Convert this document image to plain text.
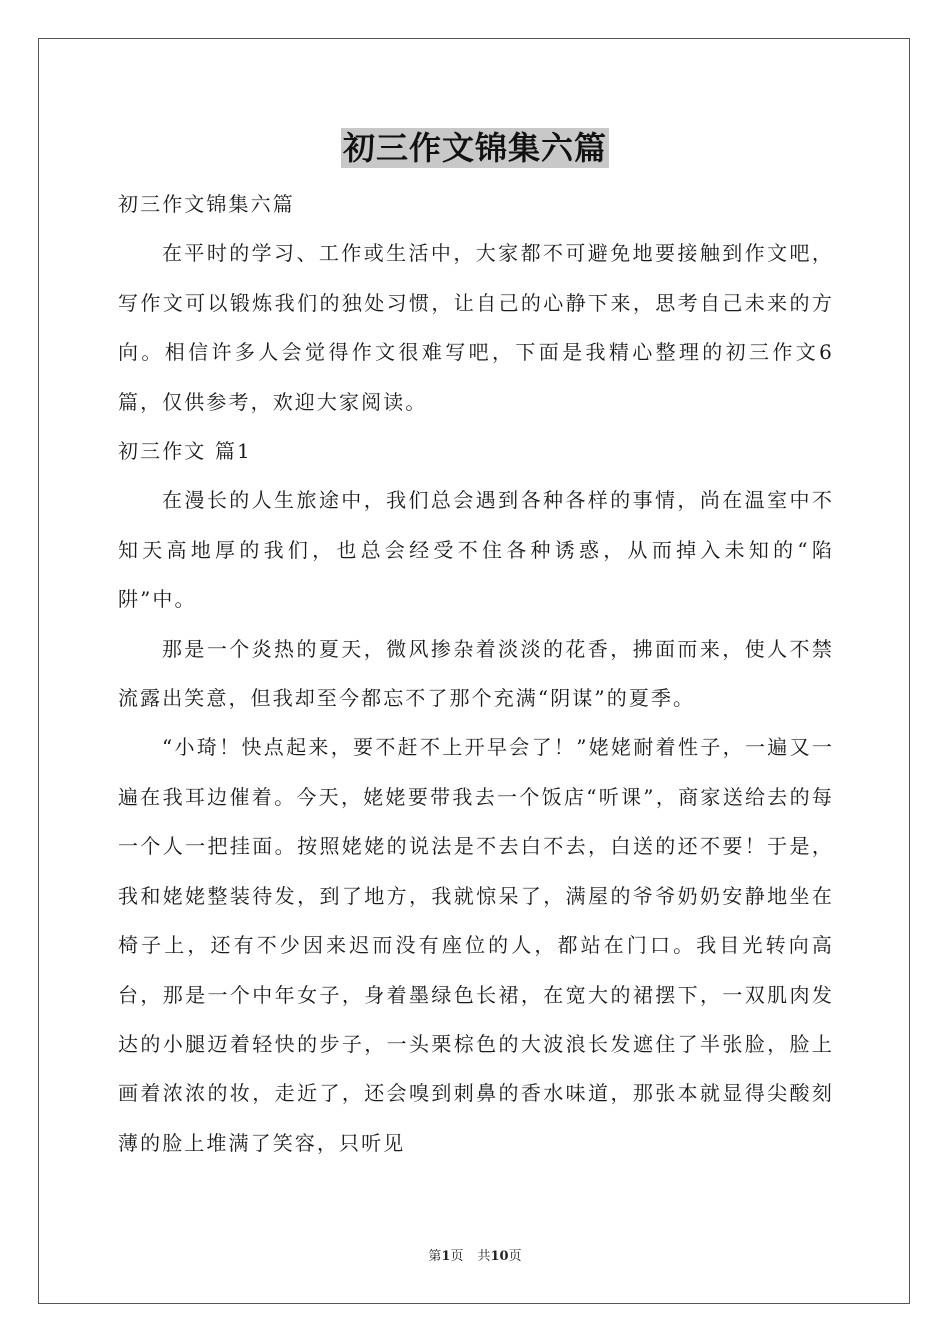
初三作文锦集六篇

初三作文锦集六篇

在平时的学习、工作或生活中，大家都不可避免地要接触到作文吧，写作文可以锻炼我们的独处习惯，让自己的心静下来，思考自己未来的方向。相信许多人会觉得作文很难写吧，下面是我精心整理的初三作文6篇，仅供参考，欢迎大家阅读。

初三作文 篇1

在漫长的人生旅途中，我们总会遇到各种各样的事情，尚在温室中不知天高地厚的我们，也总会经受不住各种诱惑，从而掉入未知的“陷阱”中。

那是一个炎热的夏天，微风掺杂着淡淡的花香，拂面而来，使人不禁流露出笑意，但我却至今都忘不了那个充满“阴谋”的夏季。

“小琦！快点起来，要不赶不上开早会了！”姥姥耐着性子，一遍又一遍在我耳边催着。今天，姥姥要带我去一个饭店“听课”，商家送给去的每一个人一把挂面。按照姥姥的说法是不去白不去，白送的还不要！于是，我和姥姥整装待发，到了地方，我就惊呆了，满屋的爷爷奶奶安静地坐在椅子上，还有不少因来迟而没有座位的人，都站在门口。我目光转向高台，那是一个中年女子，身着墨绿色长裙，在宽大的裙摆下，一双肌肉发达的小腿迈着轻快的步子，一头栗棕色的大波浪长发遮住了半张脸，脸上画着浓浓的妆，走近了，还会嗅到刺鼻的香水味道，那张本就显得尖酸刻薄的脸上堆满了笑容，只听见

第1页 共10页
